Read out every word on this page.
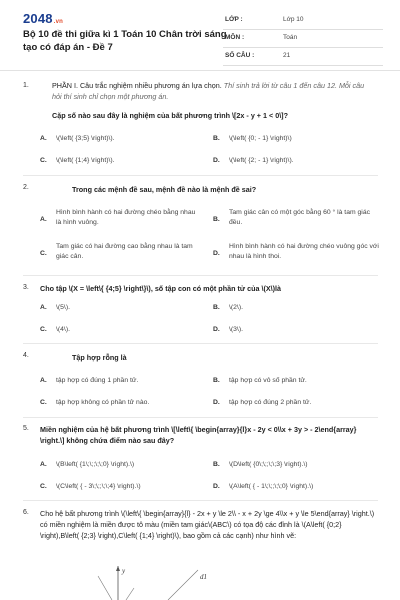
2048.vn
Bộ 10 đề thi giữa kì 1 Toán 10 Chân trời sáng tạo có đáp án - Đề 7
LỚP :	Lớp 10
MÔN :	Toán
SỐ CÂU :	21
1.	PHẦN I. Câu trắc nghiệm nhiều phương án lựa chọn. Thí sinh trả lời từ câu 1 đến câu 12. Mỗi câu hỏi thí sinh chỉ chọn một phương án.
Cặp số nào sau đây là nghiệm của bất phương trình \[2x - y + 1 < 0\]?
A. \(\left( {3;5} \right)\).	B. \(\left( {0; - 1} \right)\)
C. \(\left( {1;4} \right)\).	D. \(\left( {2; - 1} \right)\).
2.	Trong các mệnh đề sau, mệnh đề nào là mệnh đề sai?
A.
Hình bình hành có hai đường chéo bằng nhau là hình vuông.	B.
Tam giác cân có một góc bằng 60 ° là tam giác đều.
C.
Tam giác có hai đường cao bằng nhau là tam giác cân.	D.
Hình bình hành có hai đường chéo vuông góc với nhau là hình thoi.
3. Cho tập \(X = \left\{ {4;5} \right\}\), số tập con có một phần tử của \(X\)là
A. \(5\).	B. \(2\).
C. \(4\).	D. \(3\).
4.	Tập hợp rỗng là
A. tập hợp có đúng 1 phần tử.	B. tập hợp có vô số phần tử.
C. tập hợp không có phần tử nào.	D. tập hợp có đúng 2 phần tử.
5. Miền nghiệm của hệ bất phương trình \[\left\{ \begin{array}{l}x - 2y < 0\\x + 3y > - 2\end{array} \right.\] không chứa điểm nào sau đây?
A. \(B\left( {1\;\;;\;\;0} \right).\)	B. \(D\left( {0\;\;;\;\;3} \right).\)
C. \(C\left( { - 3\;\;;\;\;4} \right).\)	D. \(A\left( { - 1\;\;;\;\;0} \right).\)
6. Cho hệ bất phương trình \(\left\{ \begin{array}{l} - 2x + y \le 2\\ - x + 2y \ge 4\\x + y \le 5\end{array} \right.\) có miền nghiệm là miền được tô màu (miền tam giác\(ABC\) có tọa độ các đỉnh là \(A\left( {0;2} \right),B\left( {2;3} \right),C\left( {1;4} \right)\), bao gồm cả các cạnh) như hình vẽ:
y
d1
